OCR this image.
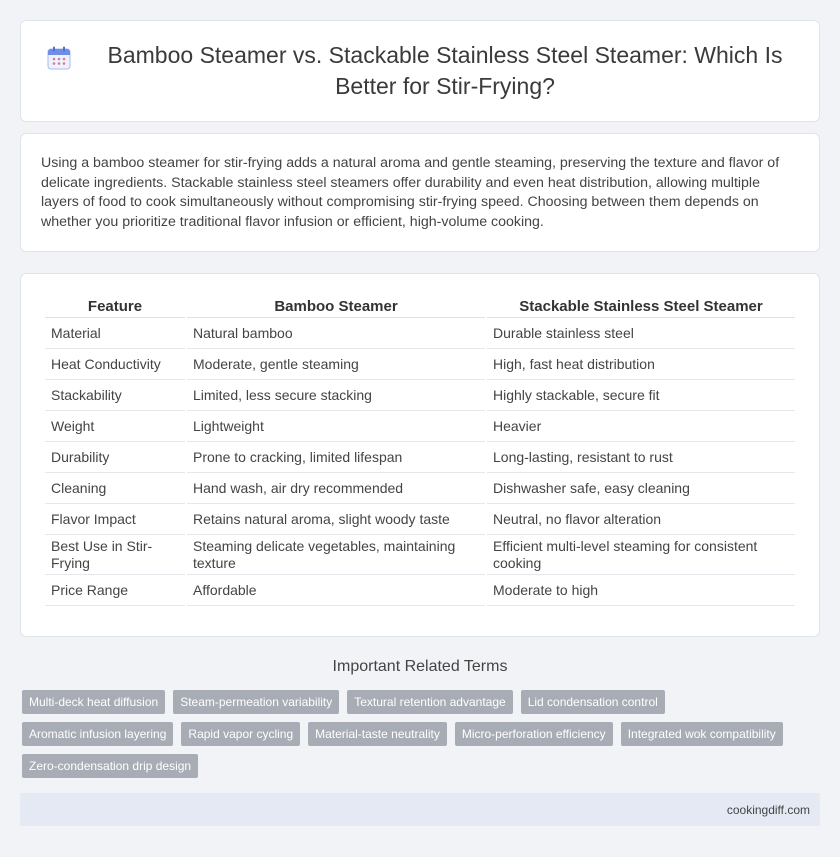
Bamboo Steamer vs. Stackable Stainless Steel Steamer: Which Is Better for Stir-Frying?

Using a bamboo steamer for stir-frying adds a natural aroma and gentle steaming, preserving the texture and flavor of delicate ingredients. Stackable stainless steel steamers offer durability and even heat distribution, allowing multiple layers of food to cook simultaneously without compromising stir-frying speed. Choosing between them depends on whether you prioritize traditional flavor infusion or efficient, high-volume cooking.

Feature	Bamboo Steamer	Stackable Stainless Steel Steamer
Material	Natural bamboo	Durable stainless steel
Heat Conductivity	Moderate, gentle steaming	High, fast heat distribution
Stackability	Limited, less secure stacking	Highly stackable, secure fit
Weight	Lightweight	Heavier
Durability	Prone to cracking, limited lifespan	Long-lasting, resistant to rust
Cleaning	Hand wash, air dry recommended	Dishwasher safe, easy cleaning
Flavor Impact	Retains natural aroma, slight woody taste	Neutral, no flavor alteration
Best Use in Stir-Frying	Steaming delicate vegetables, maintaining texture	Efficient multi-level steaming for consistent cooking
Price Range	Affordable	Moderate to high
Important Related Terms
Multi-deck heat diffusion	Steam-permeation variability	Textural retention advantage	Lid condensation control
Aromatic infusion layering	Rapid vapor cycling	Material-taste neutrality	Micro-perforation efficiency	Integrated wok compatibility
Zero-condensation drip design
cookingdiff.com
